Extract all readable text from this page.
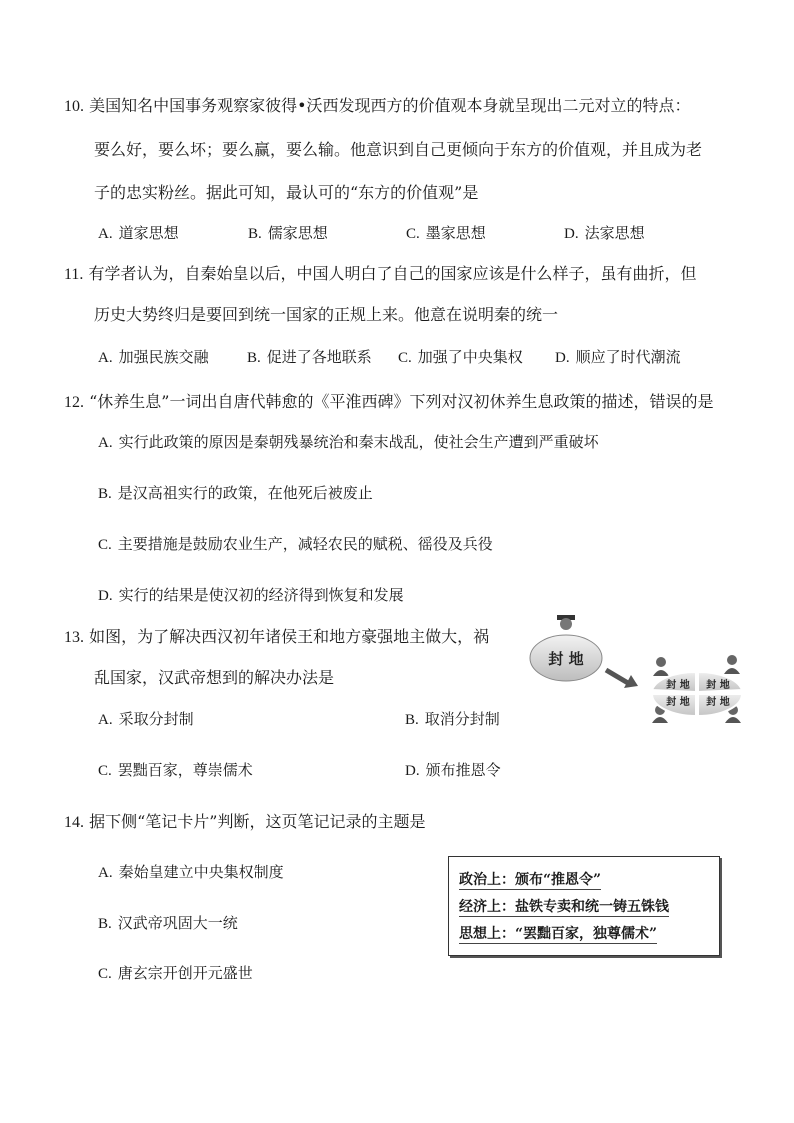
10. 美国知名中国事务观察家彼得•沃西发现西方的价值观本身就呈现出二元对立的特点：
要么好，要么坏；要么赢，要么输。他意识到自己更倾向于东方的价值观，并且成为老
子的忠实粉丝。据此可知，最认可的“东方的价值观”是
A. 道家思想	B. 儒家思想	C. 墨家思想	D. 法家思想
11. 有学者认为，自秦始皇以后，中国人明白了自己的国家应该是什么样子，虽有曲折，但
历史大势终归是要回到统一国家的正规上来。他意在说明秦的统一
A. 加强民族交融	B. 促进了各地联系 C. 加强了中央集权 D. 顺应了时代潮流
12. “休养生息”一词出自唐代韩愈的《平淮西碑》下列对汉初休养生息政策的描述，错误的是
A. 实行此政策的原因是秦朝残暴统治和秦末战乱，使社会生产遭到严重破坏
B. 是汉高祖实行的政策，在他死后被废止
C. 主要措施是鼓励农业生产，减轻农民的赋税、徭役及兵役
D. 实行的结果是使汉初的经济得到恢复和发展
13. 如图，为了解决西汉初年诸侯王和地方豪强地主做大，祸
乱国家，汉武帝想到的解决办法是
A. 采取分封制	B. 取消分封制
C. 罢黜百家，尊崇儒术	D. 颁布推恩令
封 地
封 地 封 地
封 地 封 地
14. 据下侧“笔记卡片”判断，这页笔记记录的主题是
A. 秦始皇建立中央集权制度
B. 汉武帝巩固大一统
C. 唐玄宗开创开元盛世
政治上：颁布“推恩令”
经济上：盐铁专卖和统一铸五铢钱
思想上：“罢黜百家，独尊儒术”
